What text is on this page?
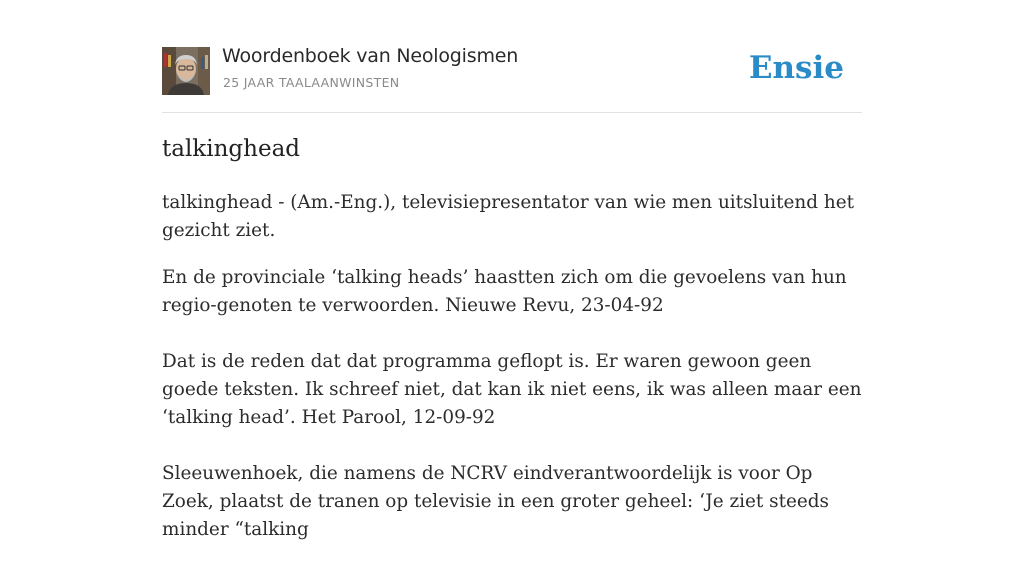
Woordenboek van Neologismen
25 JAAR TAALAANWINSTEN	Ensie
talkinghead

talkinghead - (Am.-Eng.), televisiepresentator van wie men uitsluitend het gezicht ziet.

En de provinciale ‘talking heads’ haastten zich om die gevoelens van hun regio-genoten te verwoorden. Nieuwe Revu, 23-04-92

Dat is de reden dat dat programma geflopt is. Er waren gewoon geen goede teksten. Ik schreef niet, dat kan ik niet eens, ik was alleen maar een ‘talking head’. Het Parool, 12-09-92

Sleeuwenhoek, die namens de NCRV eindverantwoordelijk is voor Op Zoek, plaatst de tranen op televisie in een groter geheel: ‘Je ziet steeds minder “talking
